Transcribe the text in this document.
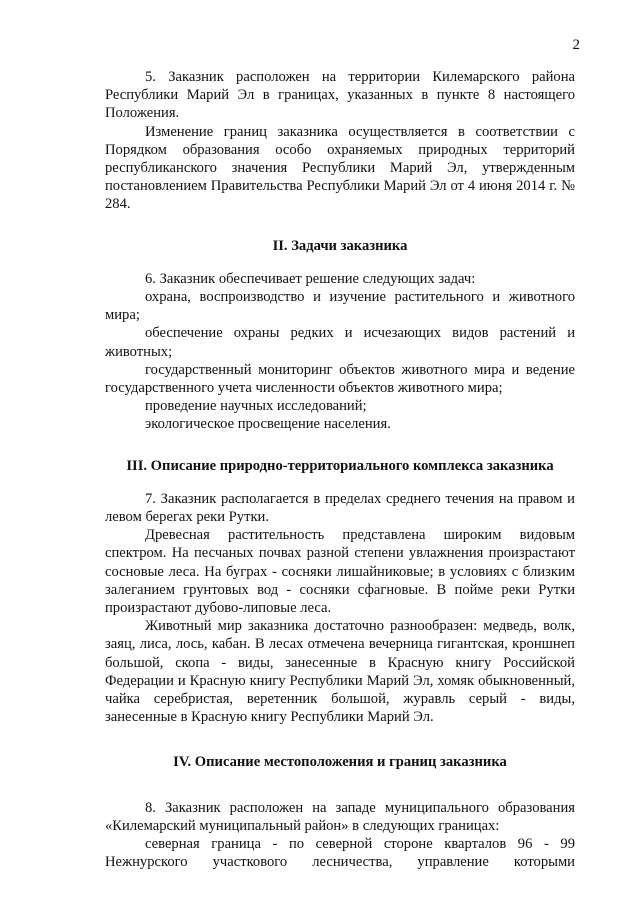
2

5. Заказник расположен на территории Килемарского района Республики Марий Эл в границах, указанных в пункте 8 настоящего Положения.

Изменение границ заказника осуществляется в соответствии с Порядком образования особо охраняемых природных территорий республиканского значения Республики Марий Эл, утвержденным постановлением Правительства Республики Марий Эл от 4 июня 2014 г. № 284.

II. Задачи заказника

6. Заказник обеспечивает решение следующих задач:

охрана, воспроизводство и изучение растительного и животного мира;

обеспечение охраны редких и исчезающих видов растений и животных;

государственный мониторинг объектов животного мира и ведение государственного учета численности объектов животного мира;

проведение научных исследований;

экологическое просвещение населения.

III. Описание природно-территориального комплекса заказника

7. Заказник располагается в пределах среднего течения на правом и левом берегах реки Рутки.

Древесная растительность представлена широким видовым спектром. На песчаных почвах разной степени увлажнения произрастают сосновые леса. На буграх - сосняки лишайниковые; в условиях с близким залеганием грунтовых вод - сосняки сфагновые. В пойме реки Рутки произрастают дубово-липовые леса.

Животный мир заказника достаточно разнообразен: медведь, волк, заяц, лиса, лось, кабан. В лесах отмечена вечерница гигантская, кроншнеп большой, скопа - виды, занесенные в Красную книгу Российской Федерации и Красную книгу Республики Марий Эл, хомяк обыкновенный, чайка серебристая, веретенник большой, журавль серый - виды, занесенные в Красную книгу Республики Марий Эл.

IV. Описание местоположения и границ заказника

8. Заказник расположен на западе муниципального образования «Килемарский муниципальный район» в следующих границах:

северная граница - по северной стороне кварталов 96 - 99 Нежнурского участкового лесничества, управление которыми
